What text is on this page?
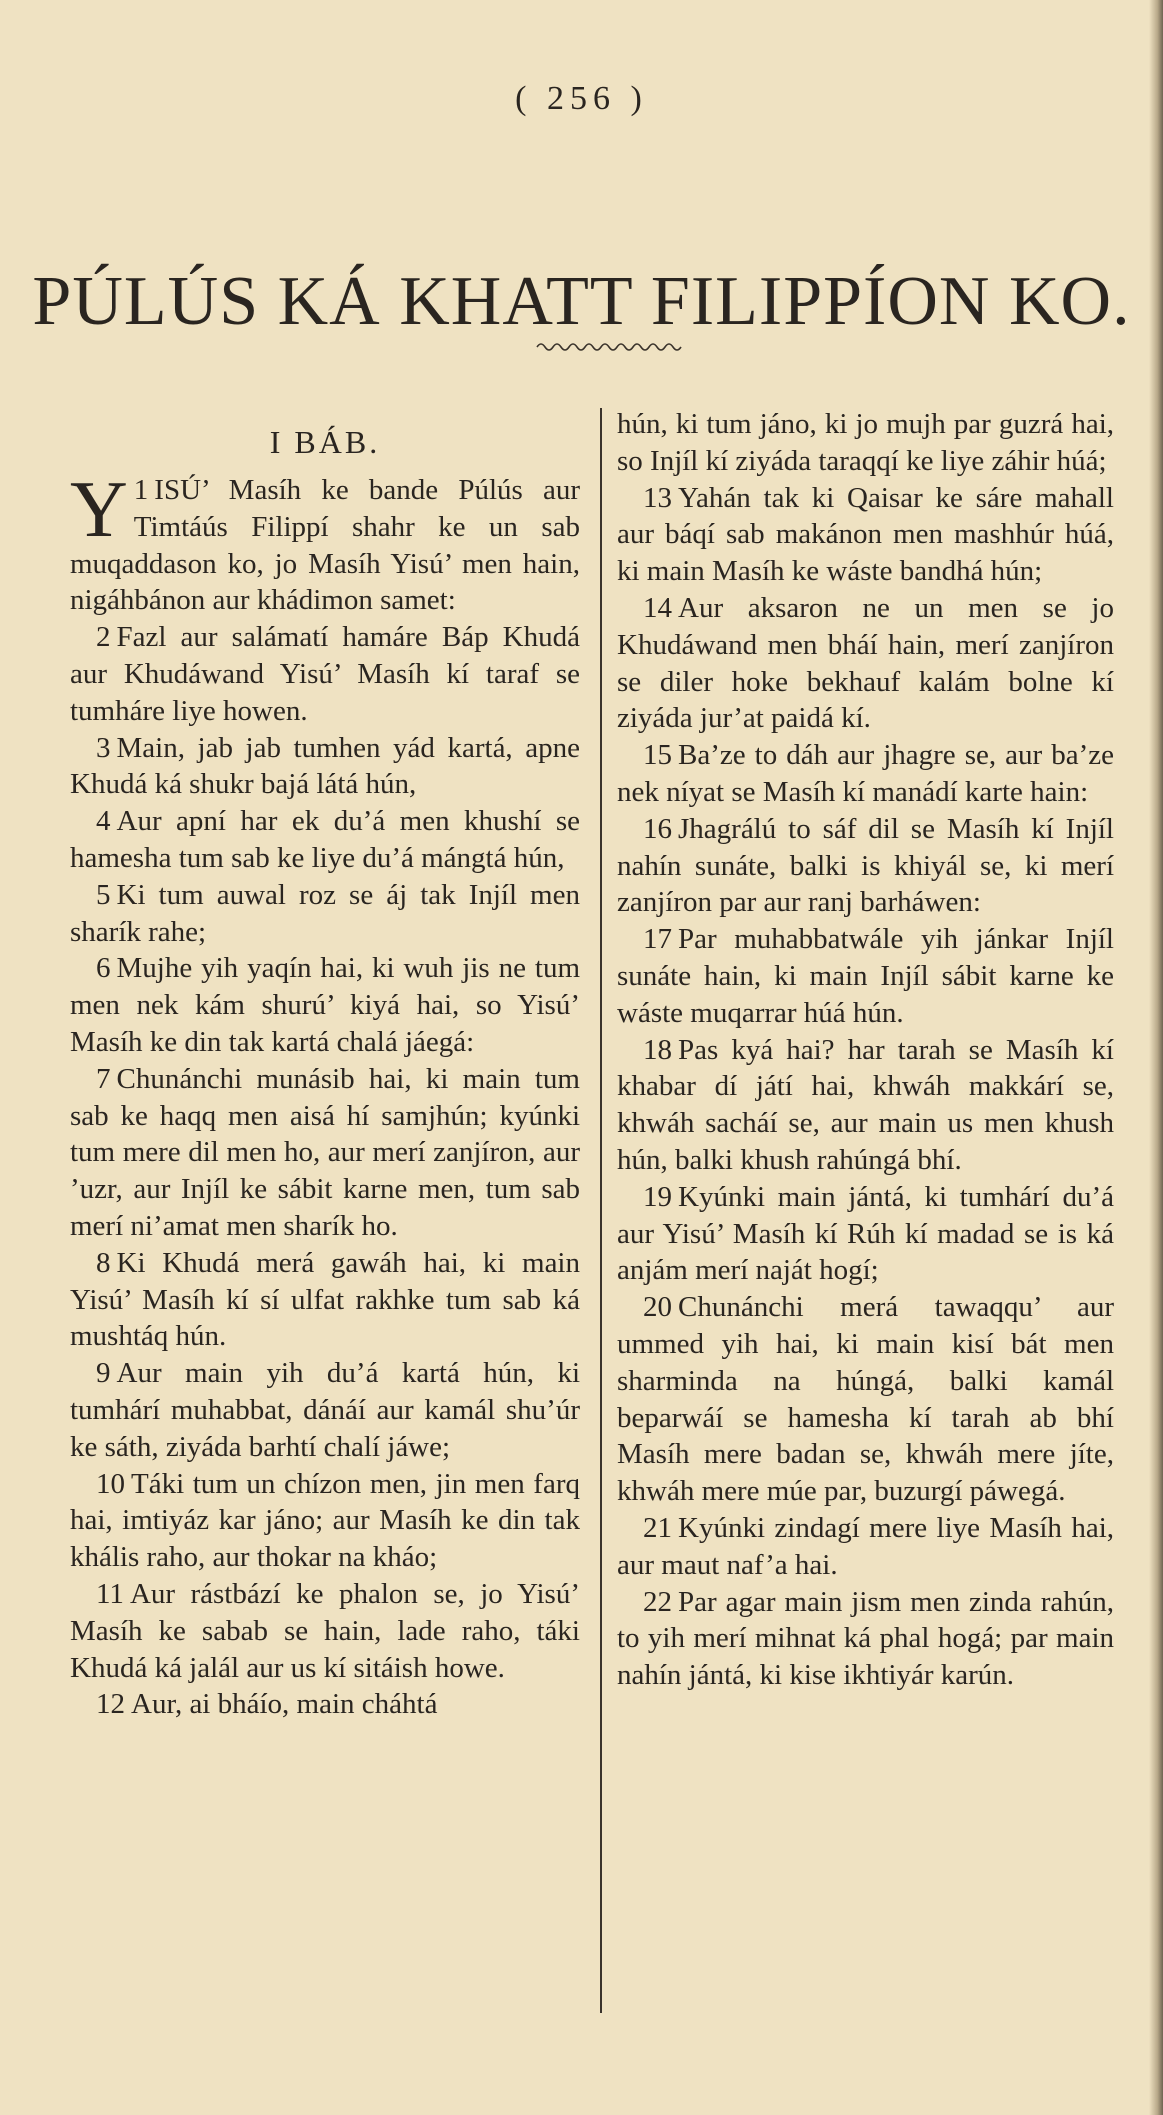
( 256 )
PÚLÚS KÁ KHATT FILIPPÍON KO.
I BÁB.

1
Y ISÚ’ Masíh ke bande Púlús aur Timtáús Filippí shahr ke un sab muqaddason ko, jo Masíh Yisú’ men hain, nigáhbánon aur khádimon samet:

2 Fazl aur salámatí hamáre Báp Khudá aur Khudáwand Yisú’ Masíh kí taraf se tumháre liye howen.

3 Main, jab jab tumhen yád kartá, apne Khudá ká shukr bajá látá hún,

4 Aur apní har ek du’á men khushí se hamesha tum sab ke liye du’á mángtá hún,

5 Ki tum auwal roz se áj tak Injíl men sharík rahe;

6 Mujhe yih yaqín hai, ki wuh jis ne tum men nek kám shurú’ kiyá hai, so Yisú’ Masíh ke din tak kartá chalá jáegá:

7 Chunánchi munásib hai, ki main tum sab ke haqq men aisá hí samjhún; kyúnki tum mere dil men ho, aur merí zanjíron, aur ’uzr, aur Injíl ke sábit karne men, tum sab merí ni’amat men sharík ho.

8 Ki Khudá merá gawáh hai, ki main Yisú’ Masíh kí sí ulfat rakhke tum sab ká mushtáq hún.

9 Aur main yih du’á kartá hún, ki tumhárí muhabbat, dánáí aur kamál shu’úr ke sáth, ziyáda barhtí chalí jáwe;

10 Táki tum un chízon men, jin men farq hai, imtiyáz kar jáno; aur Masíh ke din tak khális raho, aur thokar na kháo;

11 Aur rástbází ke phalon se, jo Yisú’ Masíh ke sabab se hain, lade raho, táki Khudá ká jalál aur us kí sitáish howe.

12 Aur, ai bháío, main cháhtá

hún, ki tum jáno, ki jo mujh par guzrá hai, so Injíl kí ziyáda taraqqí ke liye záhir húá;

13 Yahán tak ki Qaisar ke sáre mahall aur báqí sab makánon men mashhúr húá, ki main Masíh ke wáste bandhá hún;

14 Aur aksaron ne un men se jo Khudáwand men bháí hain, merí zanjíron se diler hoke bekhauf kalám bolne kí ziyáda jur’at paidá kí.

15 Ba’ze to dáh aur jhagre se, aur ba’ze nek níyat se Masíh kí manádí karte hain:

16 Jhagrálú to sáf dil se Masíh kí Injíl nahín sunáte, balki is khiyál se, ki merí zanjíron par aur ranj barháwen:

17 Par muhabbatwále yih jánkar Injíl sunáte hain, ki main Injíl sábit karne ke wáste muqarrar húá hún.

18 Pas kyá hai? har tarah se Masíh kí khabar dí játí hai, khwáh makkárí se, khwáh sacháí se, aur main us men khush hún, balki khush rahúngá bhí.

19 Kyúnki main jántá, ki tumhárí du’á aur Yisú’ Masíh kí Rúh kí madad se is ká anjám merí naját hogí;

20 Chunánchi merá tawaqqu’ aur ummed yih hai, ki main kisí bát men sharminda na húngá, balki kamál beparwáí se hamesha kí tarah ab bhí Masíh mere badan se, khwáh mere jíte, khwáh mere múe par, buzurgí páwegá.

21 Kyúnki zindagí mere liye Masíh hai, aur maut naf’a hai.

22 Par agar main jism men zinda rahún, to yih merí mihnat ká phal hogá; par main nahín jántá, ki kise ikhtiyár karún.
